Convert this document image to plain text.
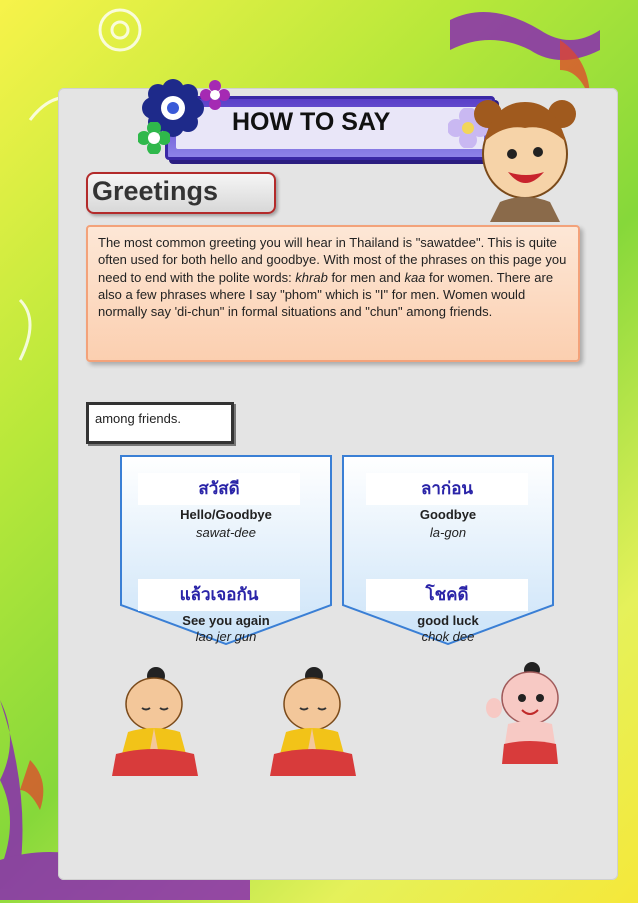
HOW TO SAY
Greetings
The most common greeting you will hear in Thailand is "sawatdee". This is quite often used for both hello and goodbye. With most of the phrases on this page you need to end with the polite words: khrab for men and kaa for women. There are also a few phrases where I say "phom" which is "I" for men. Women would normally say 'di-chun" in formal situations and "chun" among friends.
among friends.
สวัสดี
Hello/Goodbye
sawat-dee
แล้วเจอกัน
See you again
lao jer gun
ลาก่อน
Goodbye
la-gon
โชคดี
good luck
chok dee
